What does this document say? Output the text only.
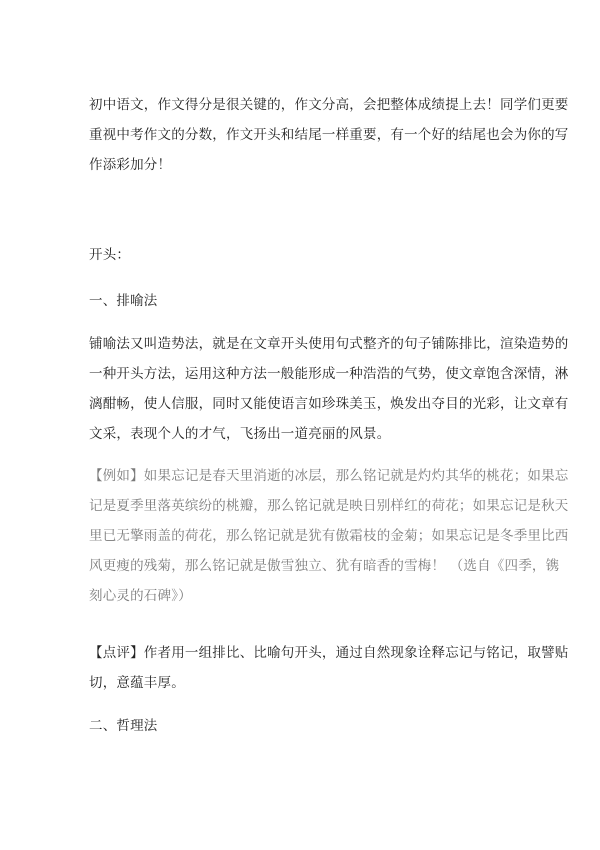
初中语文，作文得分是很关键的，作文分高，会把整体成绩提上去！同学们更要
重视中考作文的分数，作文开头和结尾一样重要，有一个好的结尾也会为你的写
作添彩加分！
开头：
一、排喻法
铺喻法又叫造势法，就是在文章开头使用句式整齐的句子铺陈排比，渲染造势的
一种开头方法，运用这种方法一般能形成一种浩浩的气势，使文章饱含深情，淋
漓酣畅，使人信服，同时又能使语言如珍珠美玉，焕发出夺目的光彩，让文章有
文采，表现个人的才气，飞扬出一道亮丽的风景。
【例如】如果忘记是春天里消逝的冰层，那么铭记就是灼灼其华的桃花；如果忘
记是夏季里落英缤纷的桃瓣，那么铭记就是映日别样红的荷花；如果忘记是秋天
里已无擎雨盖的荷花，那么铭记就是犹有傲霜枝的金菊；如果忘记是冬季里比西
风更瘦的残菊，那么铭记就是傲雪独立、犹有暗香的雪梅！ （选自《四季，镌
刻心灵的石碑》）
【点评】作者用一组排比、比喻句开头，通过自然现象诠释忘记与铭记，取譬贴
切，意蕴丰厚。
二、哲理法
